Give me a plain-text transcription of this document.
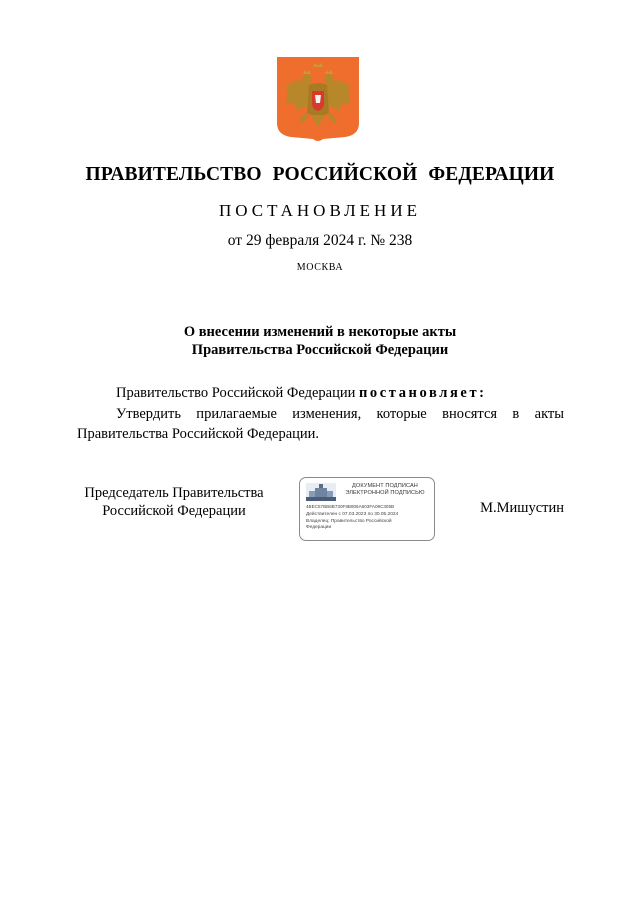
ПРАВИТЕЛЬСТВО РОССИЙСКОЙ ФЕДЕРАЦИИ
ПОСТАНОВЛЕНИЕ
от 29 февраля 2024 г. № 238
МОСКВА
О внесении изменений в некоторые акты
Правительства Российской Федерации
Правительство Российской Федерации постановляет:
Утвердить прилагаемые изменения, которые вносятся в акты
Правительства Российской Федерации.
Председатель Правительства
Российской Федерации
ДОКУМЕНТ ПОДПИСАН
ЭЛЕКТРОННОЙ ПОДПИСЬЮ
4BEC57BB6B730F8B806A603FA09C305B
Действителен с 07.03.2023 по 30.05.2024
Владелец: Правительство Российской
Федерации
М.Мишустин
